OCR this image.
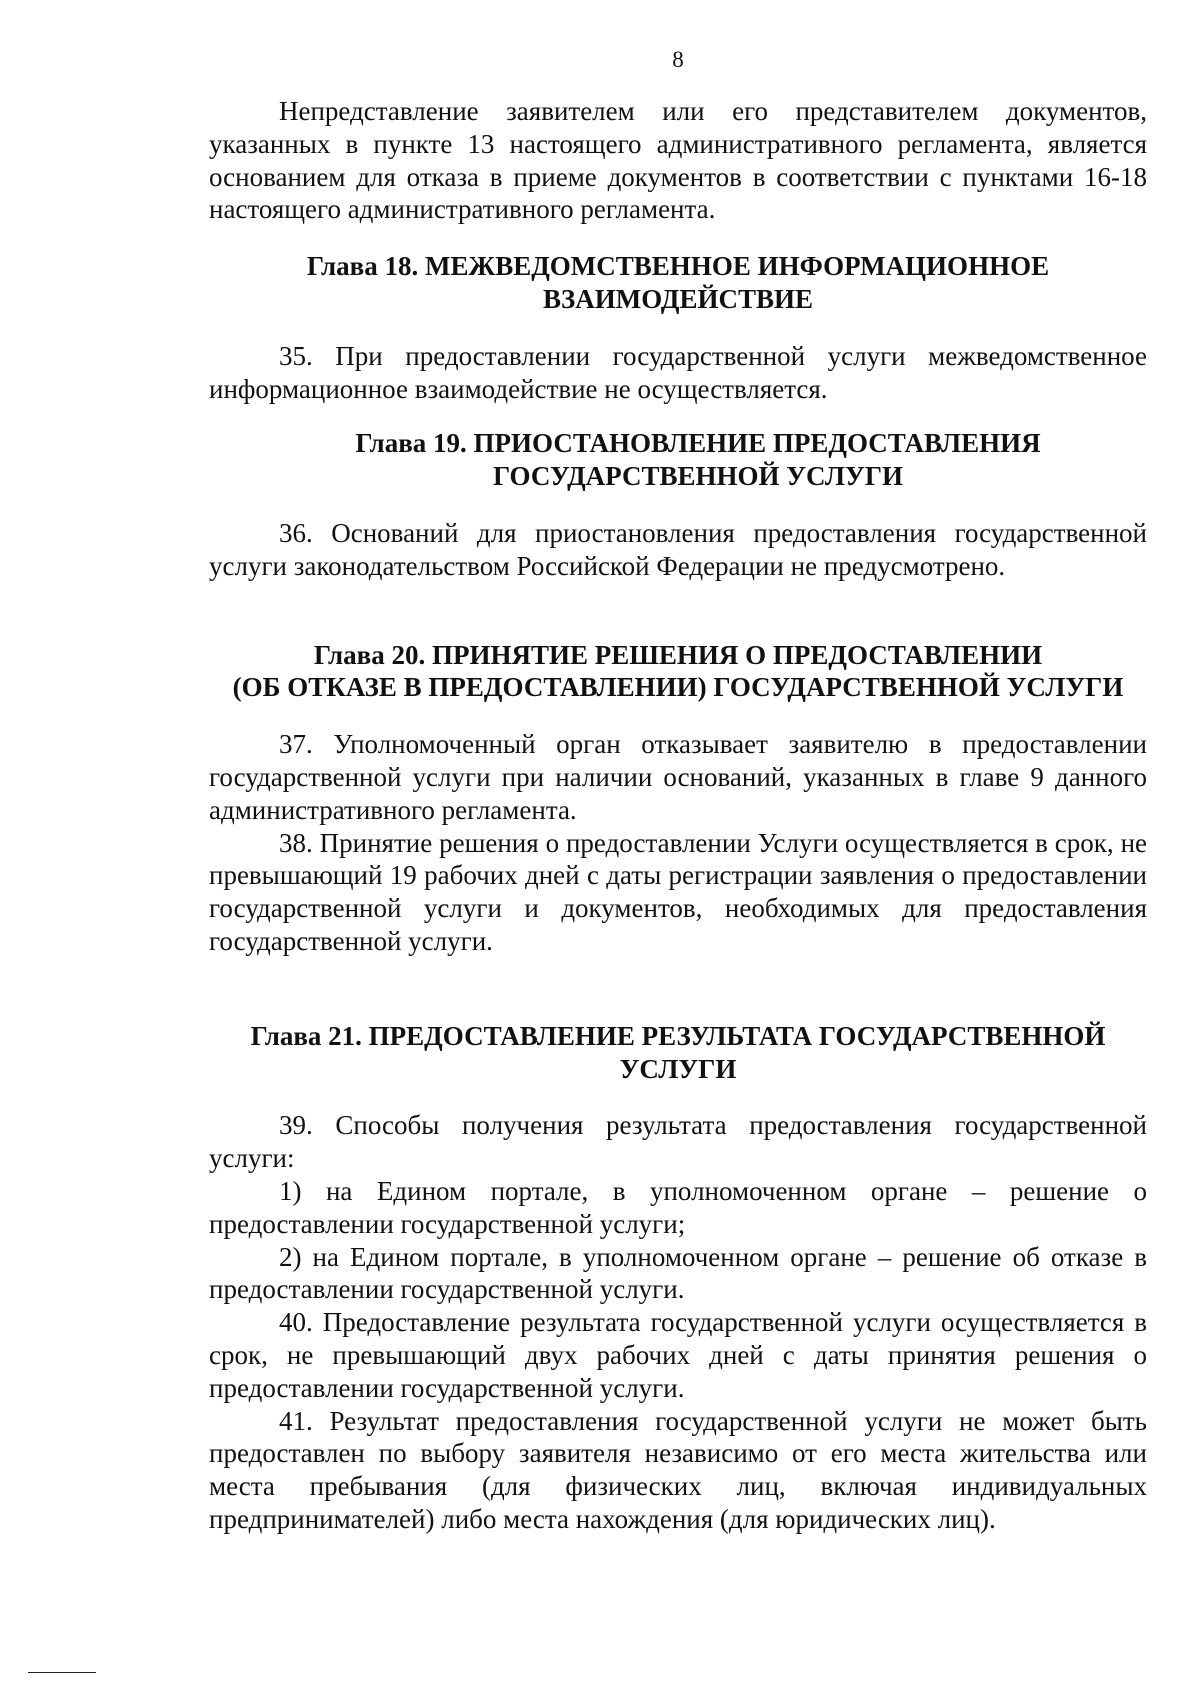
8

Непредставление заявителем или его представителем документов, указанных в пункте 13 настоящего административного регламента, является основанием для отказа в приеме документов в соответствии с пунктами 16-18 настоящего административного регламента.

Глава 18. МЕЖВЕДОМСТВЕННОЕ ИНФОРМАЦИОННОЕ
ВЗАИМОДЕЙСТВИЕ

35. При предоставлении государственной услуги межведомственное информационное взаимодействие не осуществляется.

Глава 19. ПРИОСТАНОВЛЕНИЕ ПРЕДОСТАВЛЕНИЯ
ГОСУДАРСТВЕННОЙ УСЛУГИ

36. Оснований для приостановления предоставления государственной услуги законодательством Российской Федерации не предусмотрено.

Глава 20. ПРИНЯТИЕ РЕШЕНИЯ О ПРЕДОСТАВЛЕНИИ
(ОБ ОТКАЗЕ В ПРЕДОСТАВЛЕНИИ) ГОСУДАРСТВЕННОЙ УСЛУГИ

37. Уполномоченный орган отказывает заявителю в предоставлении государственной услуги при наличии оснований, указанных в главе 9 данного административного регламента.

38. Принятие решения о предоставлении Услуги осуществляется в срок, не превышающий 19 рабочих дней с даты регистрации заявления о предоставлении государственной услуги и документов, необходимых для предоставления государственной услуги.

Глава 21. ПРЕДОСТАВЛЕНИЕ РЕЗУЛЬТАТА ГОСУДАРСТВЕННОЙ
УСЛУГИ

39. Способы получения результата предоставления государственной услуги:

1) на Едином портале, в уполномоченном органе – решение о предоставлении государственной услуги;

2) на Едином портале, в уполномоченном органе – решение об отказе в предоставлении государственной услуги.

40. Предоставление результата государственной услуги осуществляется в срок, не превышающий двух рабочих дней с даты принятия решения о предоставлении государственной услуги.

41. Результат предоставления государственной услуги не может быть предоставлен по выбору заявителя независимо от его места жительства или места пребывания (для физических лиц, включая индивидуальных предпринимателей) либо места нахождения (для юридических лиц).
